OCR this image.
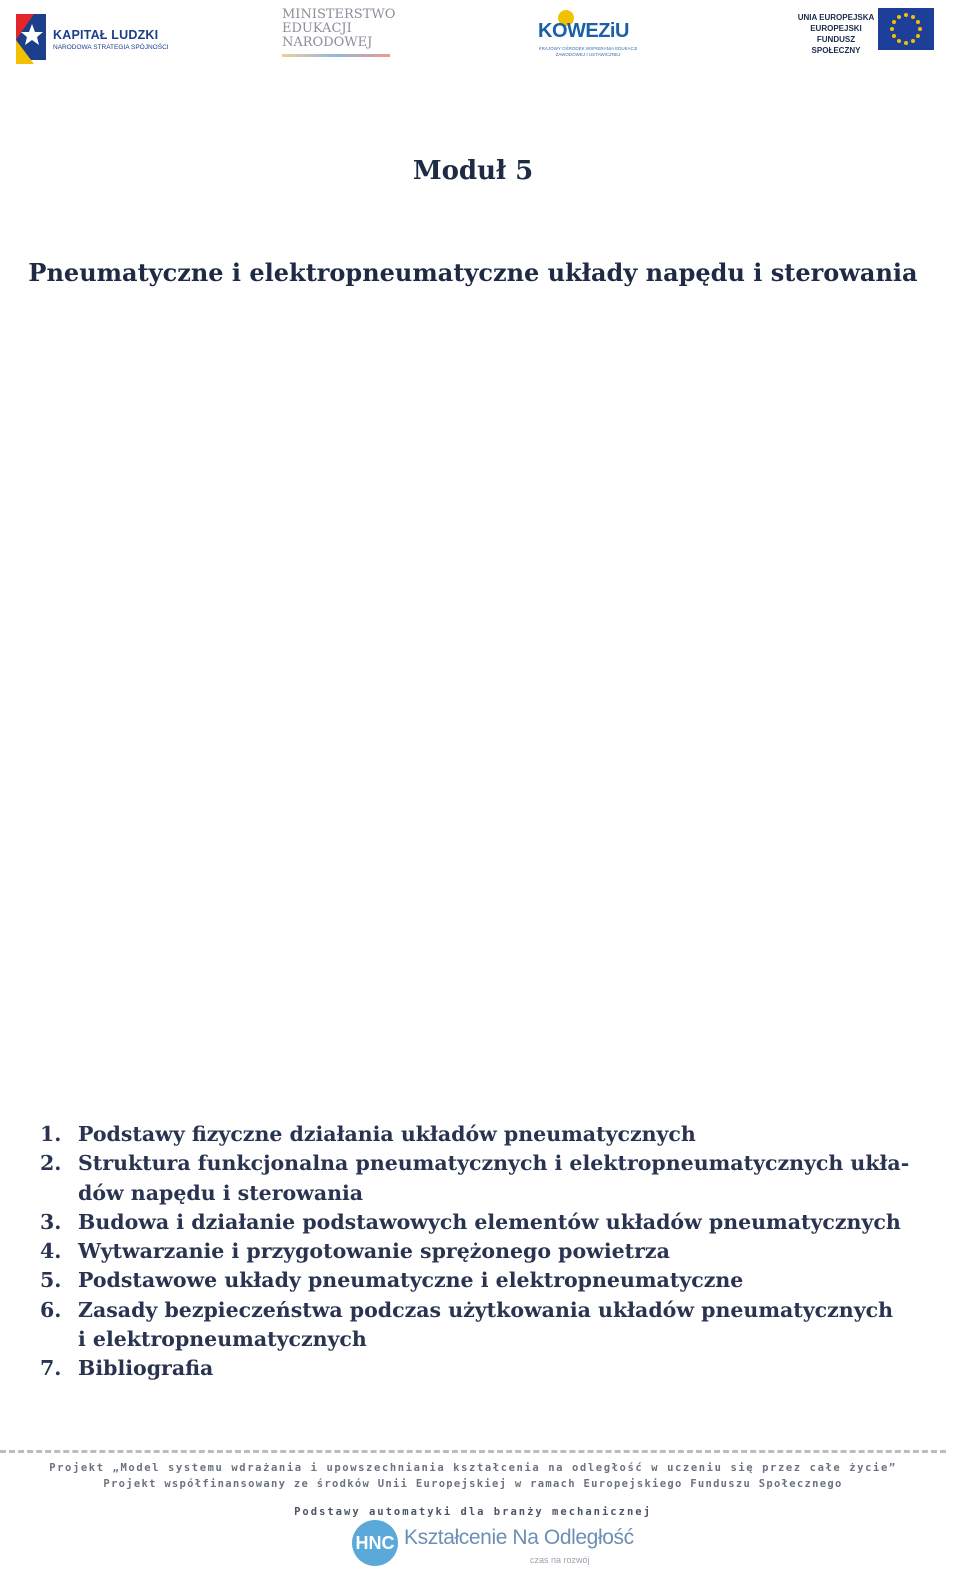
KAPITAŁ LUDZKI
NARODOWA STRATEGIA SPÓJNOŚCI
MINISTERSTWO
EDUKACJI
NARODOWEJ
KOWEZiU
KRAJOWY OŚRODEK WSPIERANIA EDUKACJI ZAWODOWEJ I USTAWICZNEJ
UNIA EUROPEJSKA
EUROPEJSKI
FUNDUSZ SPOŁECZNY
Moduł 5
Pneumatyczne i elektropneumatyczne układy napędu i sterowania
1. Podstawy fizyczne działania układów pneumatycznych
2. Struktura funkcjonalna pneumatycznych i elektropneumatycznych ukła-
dów napędu i sterowania
3. Budowa i działanie podstawowych elementów układów pneumatycznych
4. Wytwarzanie i przygotowanie sprężonego powietrza
5. Podstawowe układy pneumatyczne i elektropneumatyczne
6. Zasady bezpieczeństwa podczas użytkowania układów pneumatycznych
i elektropneumatycznych
7. Bibliografia
Projekt „Model systemu wdrażania i upowszechniania kształcenia na odległość w uczeniu się przez całe życie”
Projekt współfinansowany ze środków Unii Europejskiej w ramach Europejskiego Funduszu Społecznego
Podstawy automatyki dla branży mechanicznej
HNC Kształcenie Na Odległość
czas na rozwój
